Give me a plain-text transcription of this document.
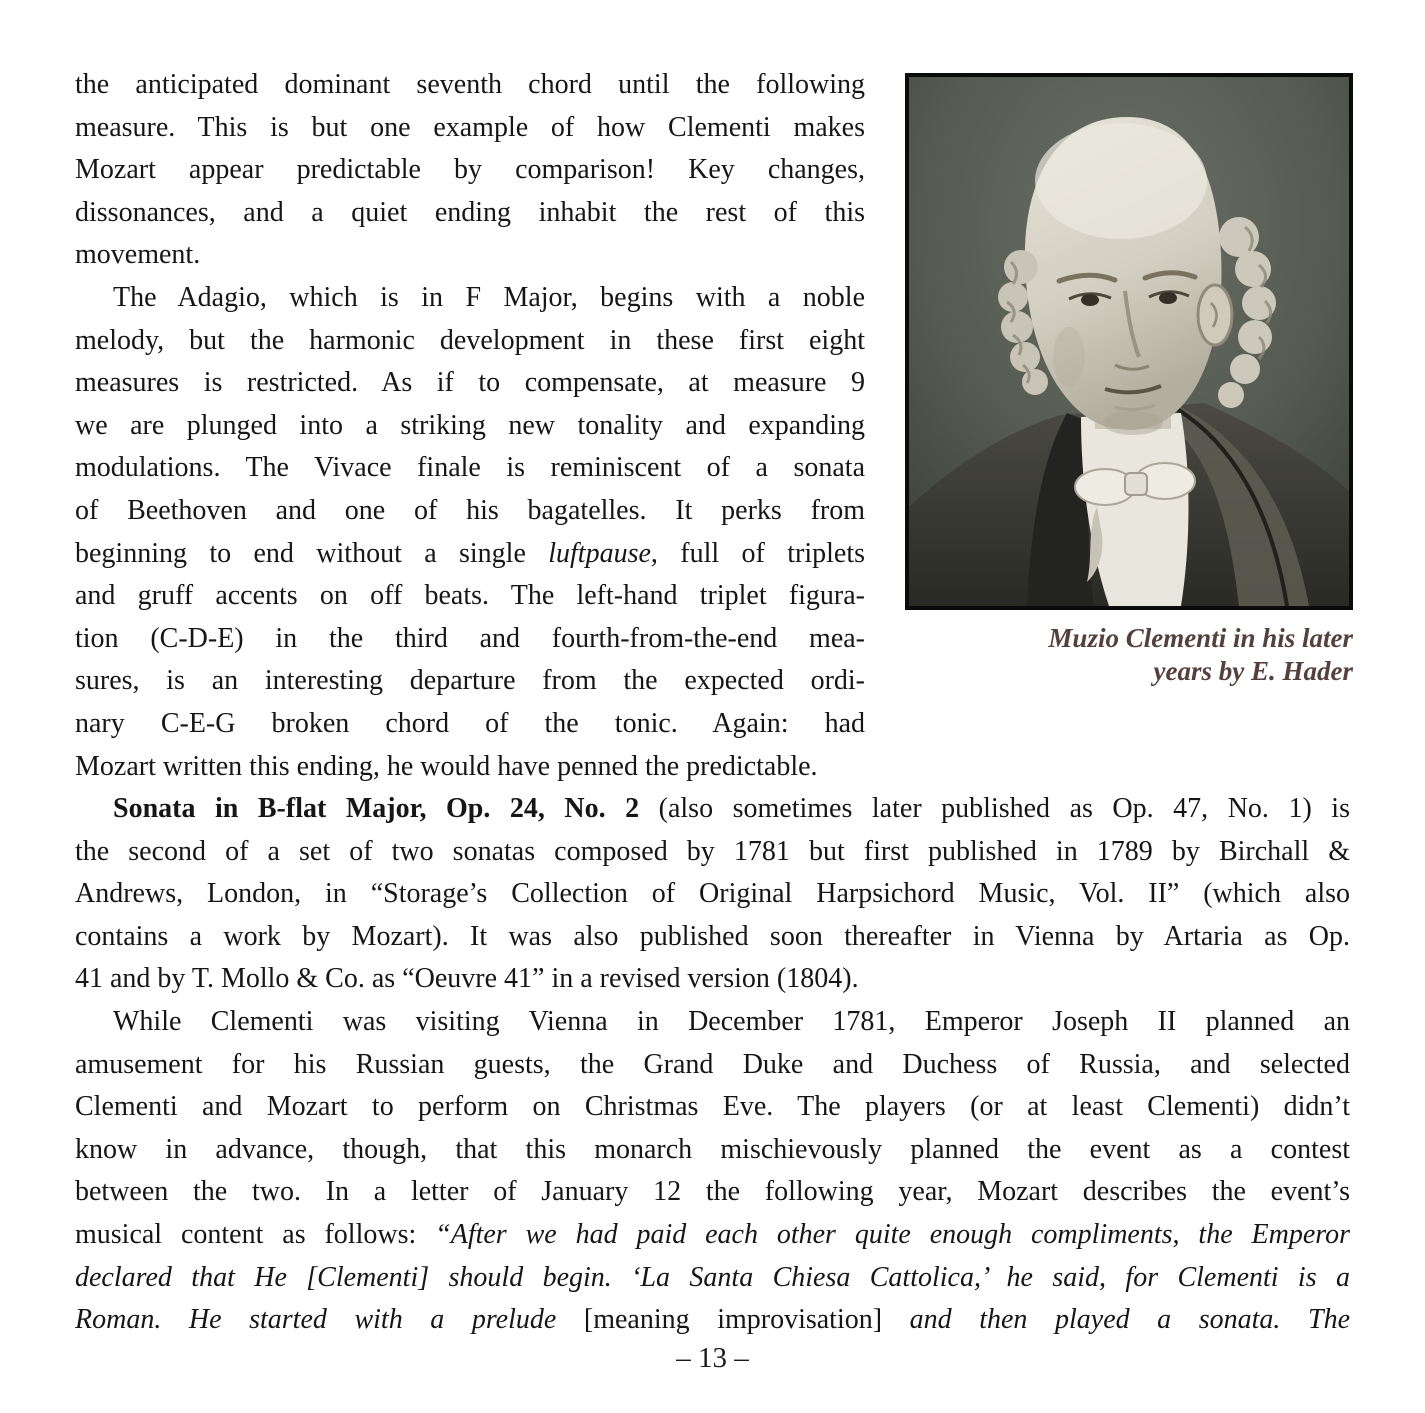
the anticipated dominant seventh chord until the following
measure. This is but one example of how Clementi makes
Mozart appear predictable by comparison! Key changes,
dissonances, and a quiet ending inhabit the rest of this
movement.
The Adagio, which is in F Major, begins with a noble
melody, but the harmonic development in these first eight
measures is restricted. As if to compensate, at measure 9
we are plunged into a striking new tonality and expanding
modulations. The Vivace finale is reminiscent of a sonata
of Beethoven and one of his bagatelles. It perks from
beginning to end without a single luftpause, full of triplets
and gruff accents on off beats. The left-hand triplet figura-
tion (C-D-E) in the third and fourth-from-the-end mea-
sures, is an interesting departure from the expected ordi-
nary C-E-G broken chord of the tonic. Again: had
Muzio Clementi in his later
years by E. Hader
Mozart written this ending, he would have penned the predictable.
Sonata in B-flat Major, Op. 24, No. 2 (also sometimes later published as Op. 47, No. 1) is
the second of a set of two sonatas composed by 1781 but first published in 1789 by Birchall &
Andrews, London, in “Storage’s Collection of Original Harpsichord Music, Vol. II” (which also
contains a work by Mozart). It was also published soon thereafter in Vienna by Artaria as Op.
41 and by T. Mollo & Co. as “Oeuvre 41” in a revised version (1804).
While Clementi was visiting Vienna in December 1781, Emperor Joseph II planned an
amusement for his Russian guests, the Grand Duke and Duchess of Russia, and selected
Clementi and Mozart to perform on Christmas Eve. The players (or at least Clementi) didn’t
know in advance, though, that this monarch mischievously planned the event as a contest
between the two. In a letter of January 12 the following year, Mozart describes the event’s
musical content as follows: “After we had paid each other quite enough compliments, the Emperor
declared that He [Clementi] should begin. ‘La Santa Chiesa Cattolica,’ he said, for Clementi is a
Roman. He started with a prelude [meaning improvisation] and then played a sonata. The
– 13 –
